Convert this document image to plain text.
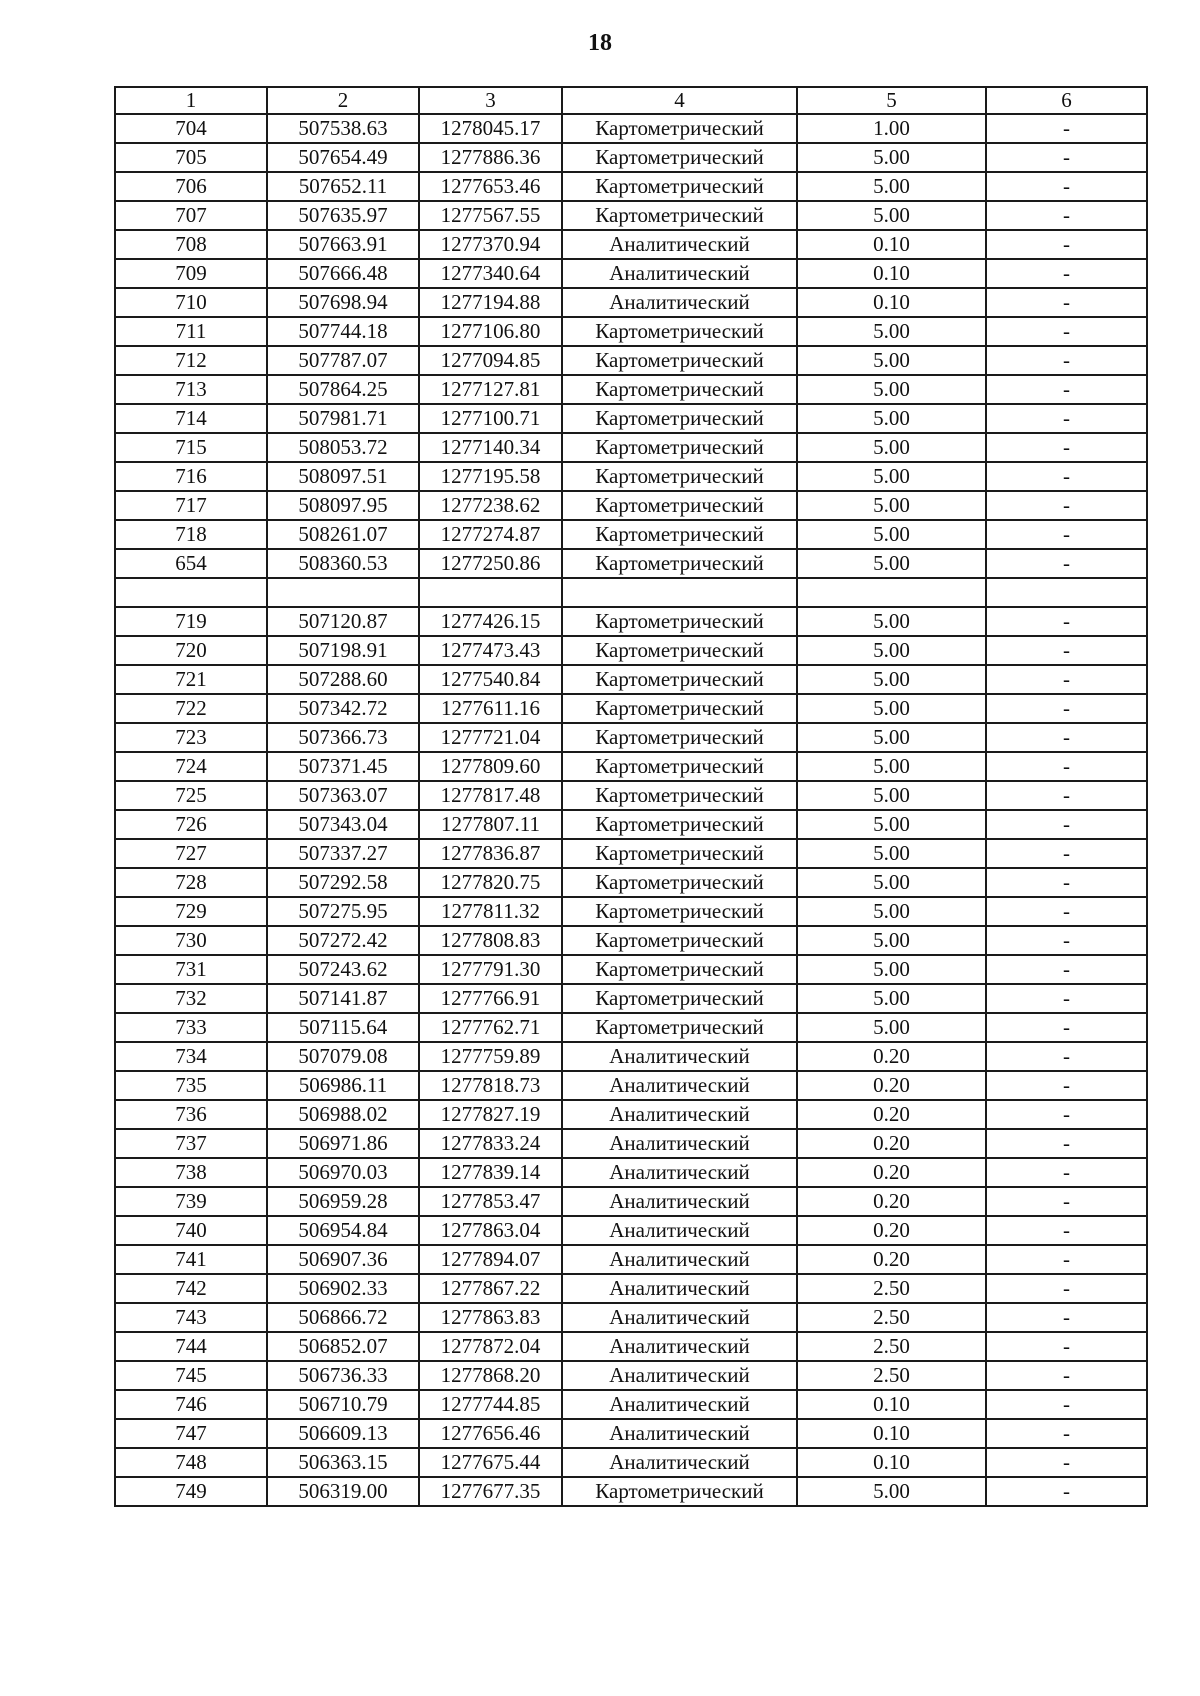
18
1	2	3	4	5	6
704	507538.63	1278045.17	Картометрический	1.00	-
705	507654.49	1277886.36	Картометрический	5.00	-
706	507652.11	1277653.46	Картометрический	5.00	-
707	507635.97	1277567.55	Картометрический	5.00	-
708	507663.91	1277370.94	Аналитический	0.10	-
709	507666.48	1277340.64	Аналитический	0.10	-
710	507698.94	1277194.88	Аналитический	0.10	-
711	507744.18	1277106.80	Картометрический	5.00	-
712	507787.07	1277094.85	Картометрический	5.00	-
713	507864.25	1277127.81	Картометрический	5.00	-
714	507981.71	1277100.71	Картометрический	5.00	-
715	508053.72	1277140.34	Картометрический	5.00	-
716	508097.51	1277195.58	Картометрический	5.00	-
717	508097.95	1277238.62	Картометрический	5.00	-
718	508261.07	1277274.87	Картометрический	5.00	-
654	508360.53	1277250.86	Картометрический	5.00	-

719	507120.87	1277426.15	Картометрический	5.00	-
720	507198.91	1277473.43	Картометрический	5.00	-
721	507288.60	1277540.84	Картометрический	5.00	-
722	507342.72	1277611.16	Картометрический	5.00	-
723	507366.73	1277721.04	Картометрический	5.00	-
724	507371.45	1277809.60	Картометрический	5.00	-
725	507363.07	1277817.48	Картометрический	5.00	-
726	507343.04	1277807.11	Картометрический	5.00	-
727	507337.27	1277836.87	Картометрический	5.00	-
728	507292.58	1277820.75	Картометрический	5.00	-
729	507275.95	1277811.32	Картометрический	5.00	-
730	507272.42	1277808.83	Картометрический	5.00	-
731	507243.62	1277791.30	Картометрический	5.00	-
732	507141.87	1277766.91	Картометрический	5.00	-
733	507115.64	1277762.71	Картометрический	5.00	-
734	507079.08	1277759.89	Аналитический	0.20	-
735	506986.11	1277818.73	Аналитический	0.20	-
736	506988.02	1277827.19	Аналитический	0.20	-
737	506971.86	1277833.24	Аналитический	0.20	-
738	506970.03	1277839.14	Аналитический	0.20	-
739	506959.28	1277853.47	Аналитический	0.20	-
740	506954.84	1277863.04	Аналитический	0.20	-
741	506907.36	1277894.07	Аналитический	0.20	-
742	506902.33	1277867.22	Аналитический	2.50	-
743	506866.72	1277863.83	Аналитический	2.50	-
744	506852.07	1277872.04	Аналитический	2.50	-
745	506736.33	1277868.20	Аналитический	2.50	-
746	506710.79	1277744.85	Аналитический	0.10	-
747	506609.13	1277656.46	Аналитический	0.10	-
748	506363.15	1277675.44	Аналитический	0.10	-
749	506319.00	1277677.35	Картометрический	5.00	-
